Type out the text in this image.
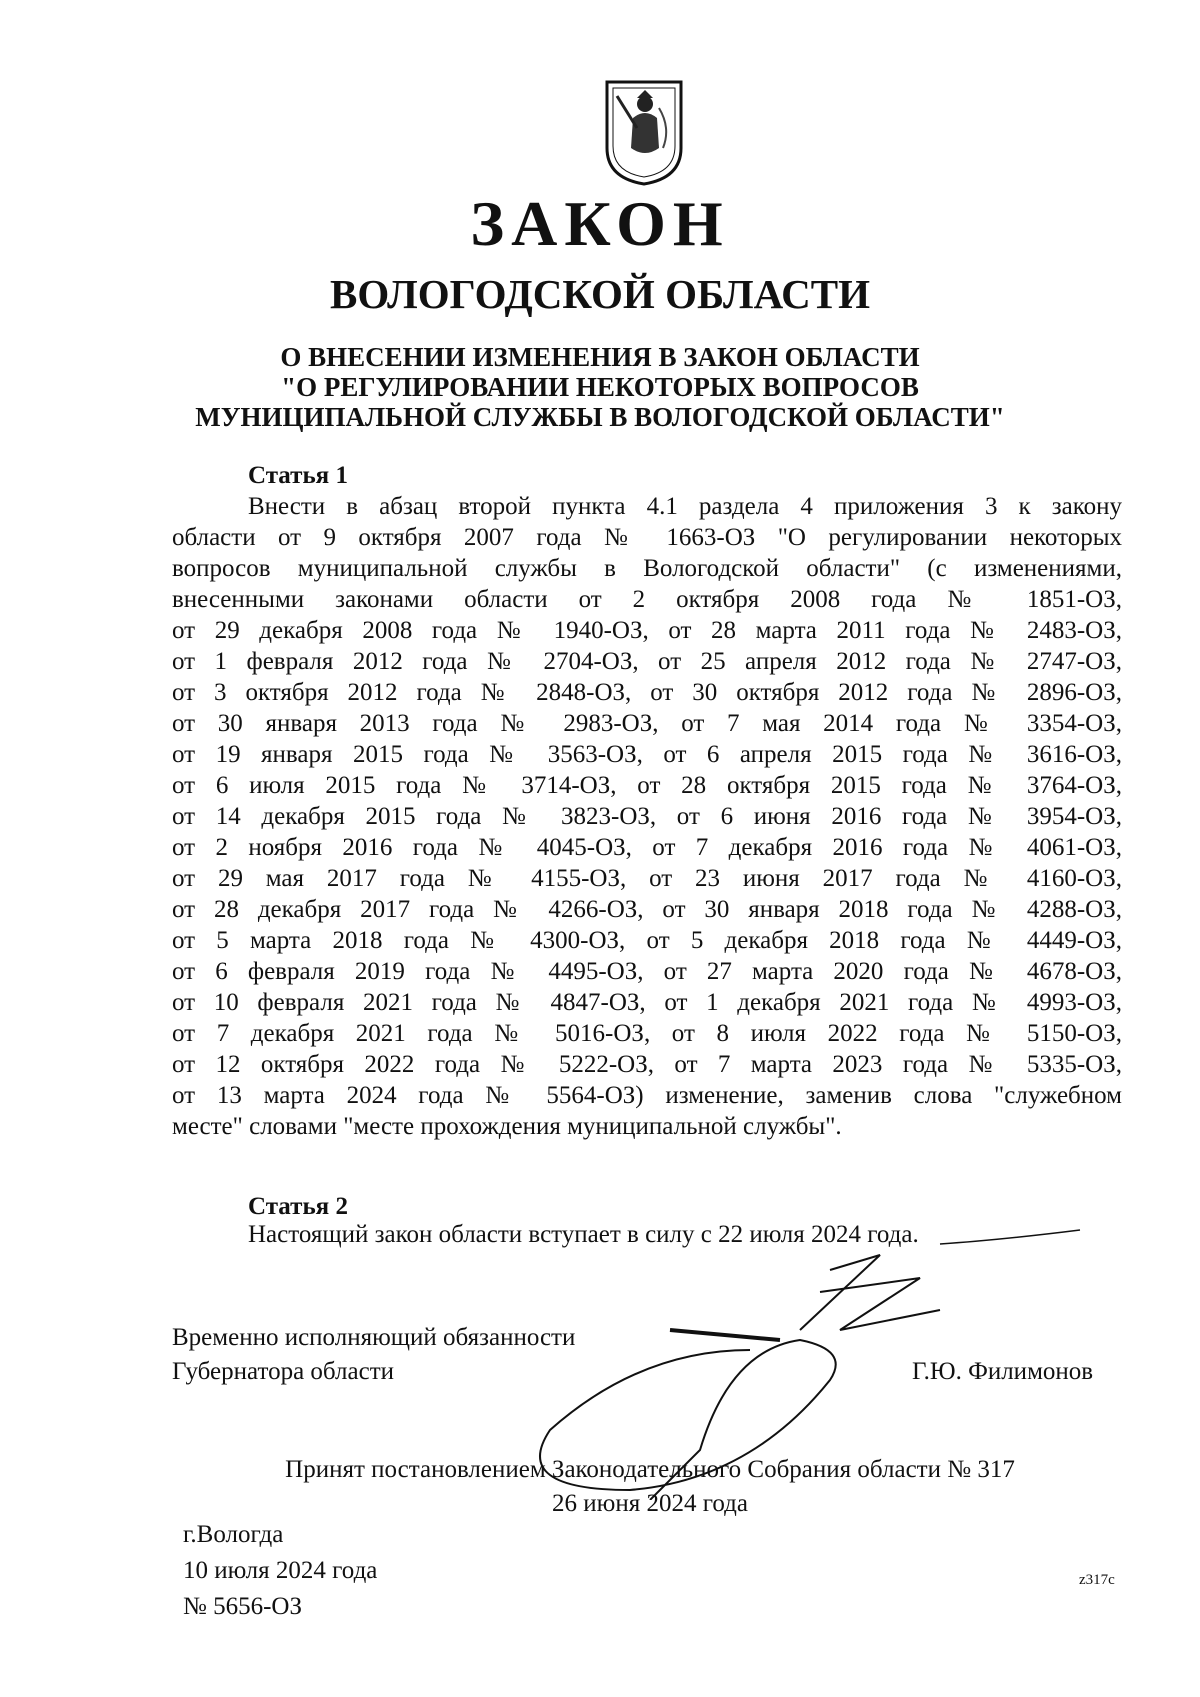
ЗАКОН
ВОЛОГОДСКОЙ ОБЛАСТИ
О ВНЕСЕНИИ ИЗМЕНЕНИЯ В ЗАКОН ОБЛАСТИ
"О РЕГУЛИРОВАНИИ НЕКОТОРЫХ ВОПРОСОВ
МУНИЦИПАЛЬНОЙ СЛУЖБЫ В ВОЛОГОДСКОЙ ОБЛАСТИ"
Статья 1
Внести в абзац второй пункта 4.1 раздела 4 приложения 3 к закону
области от 9 октября 2007 года № 1663-ОЗ "О регулировании некоторых
вопросов муниципальной службы в Вологодской области" (с изменениями,
внесенными законами области от 2 октября 2008 года № 1851-ОЗ,
от 29 декабря 2008 года № 1940-ОЗ, от 28 марта 2011 года № 2483-ОЗ,
от 1 февраля 2012 года № 2704-ОЗ, от 25 апреля 2012 года № 2747-ОЗ,
от 3 октября 2012 года № 2848-ОЗ, от 30 октября 2012 года № 2896-ОЗ,
от 30 января 2013 года № 2983-ОЗ, от 7 мая 2014 года № 3354-ОЗ,
от 19 января 2015 года № 3563-ОЗ, от 6 апреля 2015 года № 3616-ОЗ,
от 6 июля 2015 года № 3714-ОЗ, от 28 октября 2015 года № 3764-ОЗ,
от 14 декабря 2015 года № 3823-ОЗ, от 6 июня 2016 года № 3954-ОЗ,
от 2 ноября 2016 года № 4045-ОЗ, от 7 декабря 2016 года № 4061-ОЗ,
от 29 мая 2017 года № 4155-ОЗ, от 23 июня 2017 года № 4160-ОЗ,
от 28 декабря 2017 года № 4266-ОЗ, от 30 января 2018 года № 4288-ОЗ,
от 5 марта 2018 года № 4300-ОЗ, от 5 декабря 2018 года № 4449-ОЗ,
от 6 февраля 2019 года № 4495-ОЗ, от 27 марта 2020 года № 4678-ОЗ,
от 10 февраля 2021 года № 4847-ОЗ, от 1 декабря 2021 года № 4993-ОЗ,
от 7 декабря 2021 года № 5016-ОЗ, от 8 июля 2022 года № 5150-ОЗ,
от 12 октября 2022 года № 5222-ОЗ, от 7 марта 2023 года № 5335-ОЗ,
от 13 марта 2024 года № 5564-ОЗ) изменение, заменив слова "служебном
месте" словами "месте прохождения муниципальной службы".
Статья 2
Настоящий закон области вступает в силу с 22 июля 2024 года.
Временно исполняющий обязанности
Губернатора области	Г.Ю. Филимонов
Принят постановлением Законодательного Собрания области № 317
26 июня 2024 года
г.Вологда
10 июля 2024 года
№ 5656-ОЗ
z317c
